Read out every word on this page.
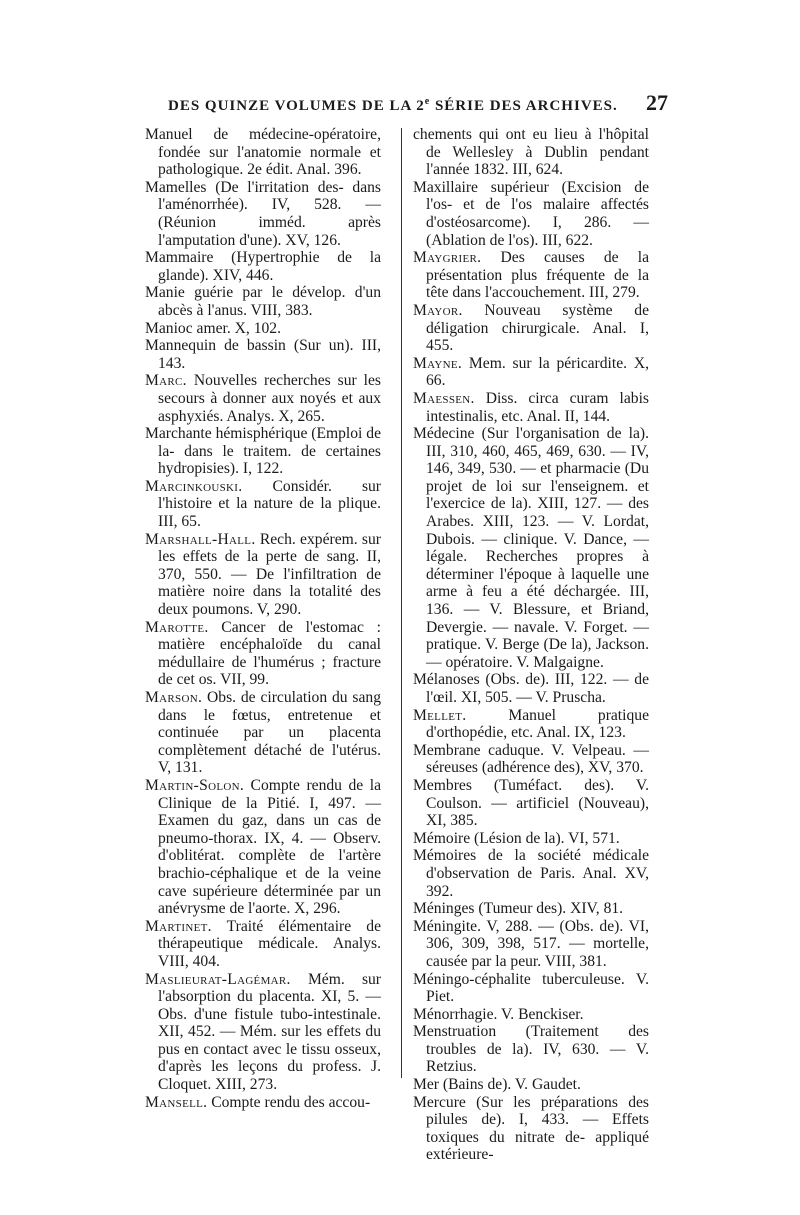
DES QUINZE VOLUMES DE LA 2e SÉRIE DES ARCHIVES. 27

Manuel de médecine-opératoire, fondée sur l'anatomie normale et pathologique. 2e édit. Anal. 396.

Mamelles (De l'irritation des- dans l'aménorrhée). IV, 528. — (Réunion imméd. après l'amputation d'une). XV, 126.

Mammaire (Hypertrophie de la glande). XIV, 446.

Manie guérie par le dévelop. d'un abcès à l'anus. VIII, 383.

Manioc amer. X, 102.

Mannequin de bassin (Sur un). III, 143.

Marc. Nouvelles recherches sur les secours à donner aux noyés et aux asphyxiés. Analys. X, 265.

Marchante hémisphérique (Emploi de la- dans le traitem. de certaines hydropisies). I, 122.

Marcinkouski. Considér. sur l'histoire et la nature de la plique. III, 65.

Marshall-Hall. Rech. expérem. sur les effets de la perte de sang. II, 370, 550. — De l'infiltration de matière noire dans la totalité des deux poumons. V, 290.

Marotte. Cancer de l'estomac : matière encéphaloïde du canal médullaire de l'humérus ; fracture de cet os. VII, 99.

Marson. Obs. de circulation du sang dans le fœtus, entretenue et continuée par un placenta complètement détaché de l'utérus. V, 131.

Martin-Solon. Compte rendu de la Clinique de la Pitié. I, 497. — Examen du gaz, dans un cas de pneumo-thorax. IX, 4. — Observ. d'oblitérat. complète de l'artère brachio-céphalique et de la veine cave supérieure déterminée par un anévrysme de l'aorte. X, 296.

Martinet. Traité élémentaire de thérapeutique médicale. Analys. VIII, 404.

Maslieurat-Lagémar. Mém. sur l'absorption du placenta. XI, 5. — Obs. d'une fistule tubo-intestinale. XII, 452. — Mém. sur les effets du pus en contact avec le tissu osseux, d'après les leçons du profess. J. Cloquet. XIII, 273.

Mansell. Compte rendu des accou-

chements qui ont eu lieu à l'hôpital de Wellesley à Dublin pendant l'année 1832. III, 624.

Maxillaire supérieur (Excision de l'os- et de l'os malaire affectés d'ostéosarcome). I, 286. — (Ablation de l'os). III, 622.

Maygrier. Des causes de la présentation plus fréquente de la tête dans l'accouchement. III, 279.

Mayor. Nouveau système de déligation chirurgicale. Anal. I, 455.

Mayne. Mem. sur la péricardite. X, 66.

Maessen. Diss. circa curam labis intestinalis, etc. Anal. II, 144.

Médecine (Sur l'organisation de la). III, 310, 460, 465, 469, 630. — IV, 146, 349, 530. — et pharmacie (Du projet de loi sur l'enseignem. et l'exercice de la). XIII, 127. — des Arabes. XIII, 123. — V. Lordat, Dubois. — clinique. V. Dance, — légale. Recherches propres à déterminer l'époque à laquelle une arme à feu a été déchargée. III, 136. — V. Blessure, et Briand, Devergie. — navale. V. Forget. — pratique. V. Berge (De la), Jackson. — opératoire. V. Malgaigne.

Mélanoses (Obs. de). III, 122. — de l'œil. XI, 505. — V. Pruscha.

Mellet. Manuel pratique d'orthopédie, etc. Anal. IX, 123.

Membrane caduque. V. Velpeau. — séreuses (adhérence des), XV, 370.

Membres (Tuméfact. des). V. Coulson. — artificiel (Nouveau), XI, 385.

Mémoire (Lésion de la). VI, 571.

Mémoires de la société médicale d'observation de Paris. Anal. XV, 392.

Méninges (Tumeur des). XIV, 81.

Méningite. V, 288. — (Obs. de). VI, 306, 309, 398, 517. — mortelle, causée par la peur. VIII, 381.

Méningo-céphalite tuberculeuse. V. Piet.

Ménorrhagie. V. Benckiser.

Menstruation (Traitement des troubles de la). IV, 630. — V. Retzius.

Mer (Bains de). V. Gaudet.

Mercure (Sur les préparations des pilules de). I, 433. — Effets toxiques du nitrate de- appliqué extérieure-
